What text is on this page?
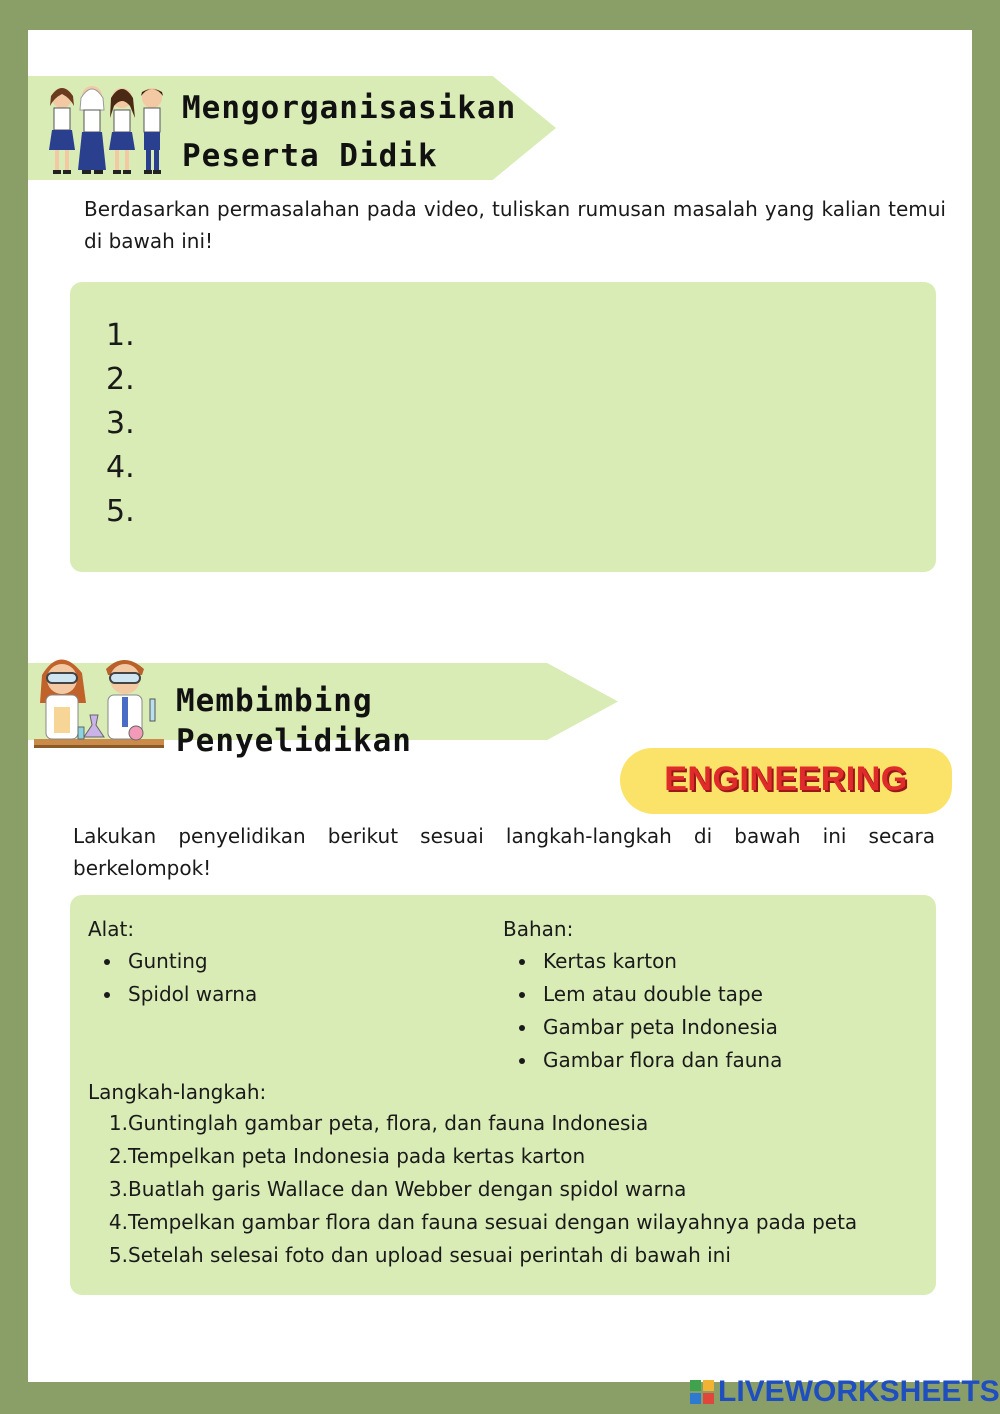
Mengorganisasikan
Peserta Didik
Berdasarkan permasalahan pada video, tuliskan rumusan masalah yang kalian temui di bawah ini!
1.
2.
3.
4.
5.
Membimbing Penyelidikan
ENGINEERING
Lakukan penyelidikan berikut sesuai langkah-langkah di bawah ini secara berkelompok!
Alat:
Gunting
Spidol warna
Bahan:
Kertas karton
Lem atau double tape
Gambar peta Indonesia
Gambar flora dan fauna
Langkah-langkah:
1. Guntinglah gambar peta, flora, dan fauna Indonesia
2. Tempelkan peta Indonesia pada kertas karton
3. Buatlah garis Wallace dan Webber dengan spidol warna
4. Tempelkan gambar flora dan fauna sesuai dengan wilayahnya pada peta
5. Setelah selesai foto dan upload sesuai perintah di bawah ini
LIVEWORKSHEETS
